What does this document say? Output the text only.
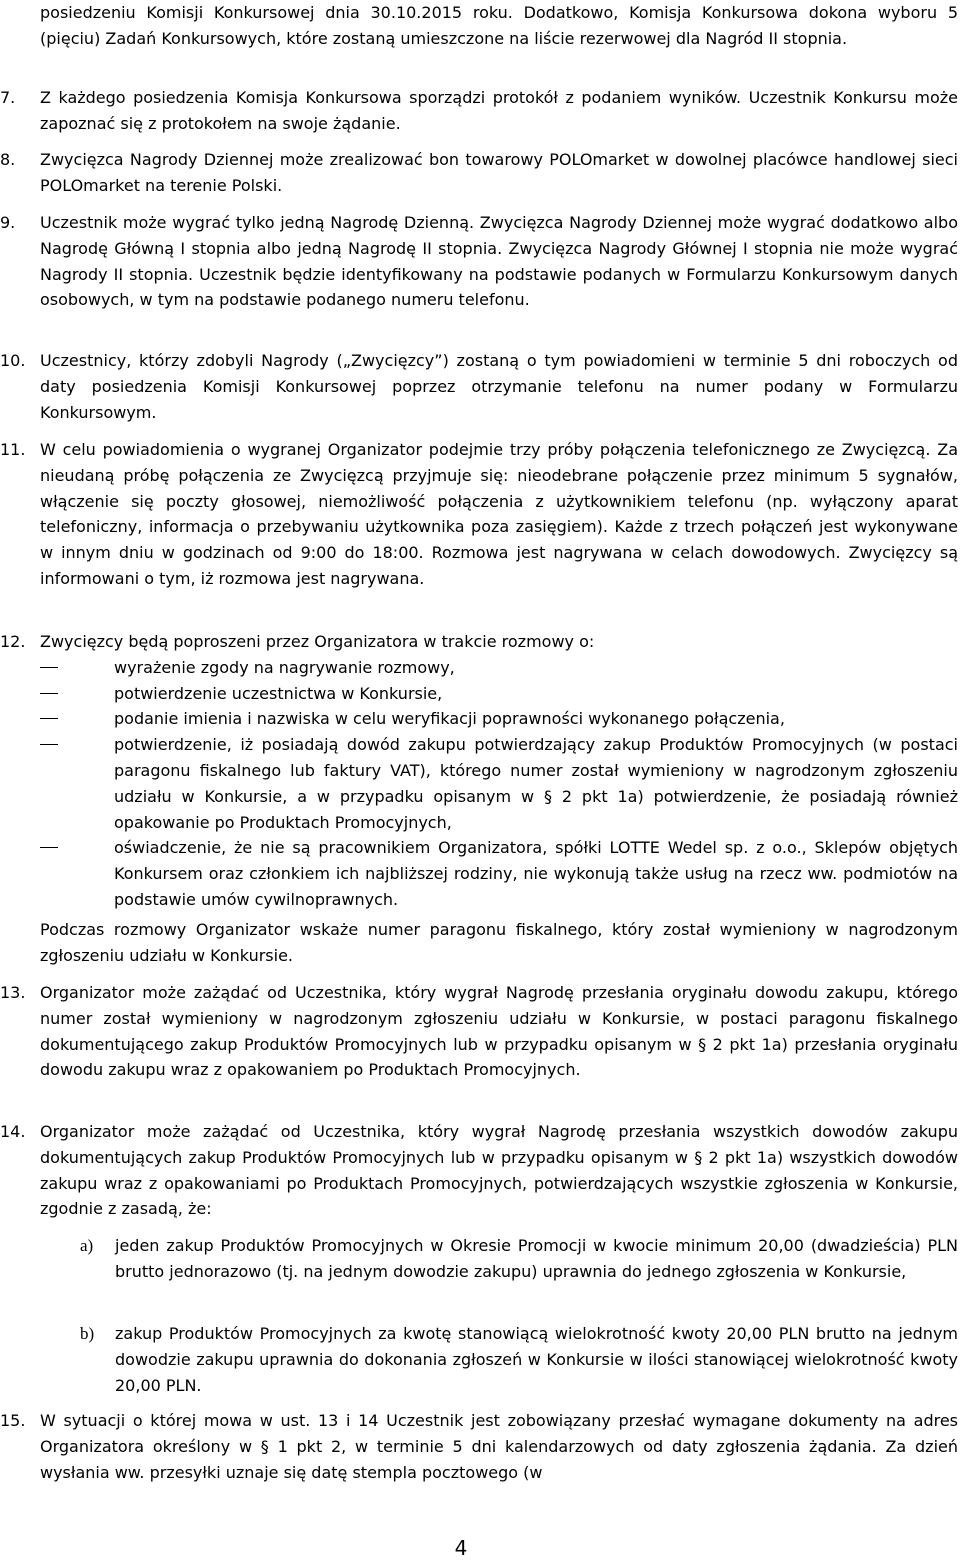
posiedzeniu Komisji Konkursowej dnia 30.10.2015 roku. Dodatkowo, Komisja Konkursowa dokona wyboru 5 (pięciu) Zadań Konkursowych, które zostaną umieszczone na liście rezerwowej dla Nagród II stopnia.

7.	Z każdego posiedzenia Komisja Konkursowa sporządzi protokół z podaniem wyników. Uczestnik Konkursu może zapoznać się z protokołem na swoje żądanie.
8.	Zwycięzca Nagrody Dziennej może zrealizować bon towarowy POLOmarket w dowolnej placówce handlowej sieci POLOmarket na terenie Polski.
9.	Uczestnik może wygrać tylko jedną Nagrodę Dzienną. Zwycięzca Nagrody Dziennej może wygrać dodatkowo albo Nagrodę Główną I stopnia albo jedną Nagrodę II stopnia. Zwycięzca Nagrody Głównej I stopnia nie może wygrać Nagrody II stopnia. Uczestnik będzie identyfikowany na podstawie podanych w Formularzu Konkursowym danych osobowych, w tym na podstawie podanego numeru telefonu.
10. Uczestnicy, którzy zdobyli Nagrody („Zwycięzcy”) zostaną o tym powiadomieni w terminie 5 dni roboczych od daty posiedzenia Komisji Konkursowej poprzez otrzymanie telefonu na numer podany w Formularzu Konkursowym.
11. W celu powiadomienia o wygranej Organizator podejmie trzy próby połączenia telefonicznego ze Zwycięzcą. Za nieudaną próbę połączenia ze Zwycięzcą przyjmuje się: nieodebrane połączenie przez minimum 5 sygnałów, włączenie się poczty głosowej, niemożliwość połączenia z użytkownikiem telefonu (np. wyłączony aparat telefoniczny, informacja o przebywaniu użytkownika poza zasięgiem). Każde z trzech połączeń jest wykonywane w innym dniu w godzinach od 9:00 do 18:00. Rozmowa jest nagrywana w celach dowodowych. Zwycięzcy są informowani o tym, iż rozmowa jest nagrywana.
12. Zwycięzcy będą poproszeni przez Organizatora w trakcie rozmowy o:
wyrażenie zgody na nagrywanie rozmowy,
potwierdzenie uczestnictwa w Konkursie,
podanie imienia i nazwiska w celu weryfikacji poprawności wykonanego połączenia,
potwierdzenie, iż posiadają dowód zakupu potwierdzający zakup Produktów Promocyjnych (w postaci paragonu fiskalnego lub faktury VAT), którego numer został wymieniony w nagrodzonym zgłoszeniu udziału w Konkursie, a w przypadku opisanym w § 2 pkt 1a) potwierdzenie, że posiadają również opakowanie po Produktach Promocyjnych,
oświadczenie, że nie są pracownikiem Organizatora, spółki LOTTE Wedel sp. z o.o., Sklepów objętych Konkursem oraz członkiem ich najbliższej rodziny, nie wykonują także usług na rzecz ww. podmiotów na podstawie umów cywilnoprawnych.

Podczas rozmowy Organizator wskaże numer paragonu fiskalnego, który został wymieniony w nagrodzonym zgłoszeniu udziału w Konkursie.

13. Organizator może zażądać od Uczestnika, który wygrał Nagrodę przesłania oryginału dowodu zakupu, którego numer został wymieniony w nagrodzonym zgłoszeniu udziału w Konkursie, w postaci paragonu fiskalnego dokumentującego zakup Produktów Promocyjnych lub w przypadku opisanym w § 2 pkt 1a) przesłania oryginału dowodu zakupu wraz z opakowaniem po Produktach Promocyjnych.
14. Organizator może zażądać od Uczestnika, który wygrał Nagrodę przesłania wszystkich dowodów zakupu dokumentujących zakup Produktów Promocyjnych lub w przypadku opisanym w § 2 pkt 1a) wszystkich dowodów zakupu wraz z opakowaniami po Produktach Promocyjnych, potwierdzających wszystkie zgłoszenia w Konkursie, zgodnie z zasadą, że:
a) jeden zakup Produktów Promocyjnych w Okresie Promocji w kwocie minimum 20,00 (dwadzieścia) PLN brutto jednorazowo (tj. na jednym dowodzie zakupu) uprawnia do jednego zgłoszenia w Konkursie,
b) zakup Produktów Promocyjnych za kwotę stanowiącą wielokrotność kwoty 20,00 PLN brutto na jednym dowodzie zakupu uprawnia do dokonania zgłoszeń w Konkursie w ilości stanowiącej wielokrotność kwoty 20,00 PLN.
15. W sytuacji o której mowa w ust. 13 i 14 Uczestnik jest zobowiązany przesłać wymagane dokumenty na adres Organizatora określony w § 1 pkt 2, w terminie 5 dni kalendarzowych od daty zgłoszenia żądania. Za dzień wysłania ww. przesyłki uznaje się datę stempla pocztowego (w
4
